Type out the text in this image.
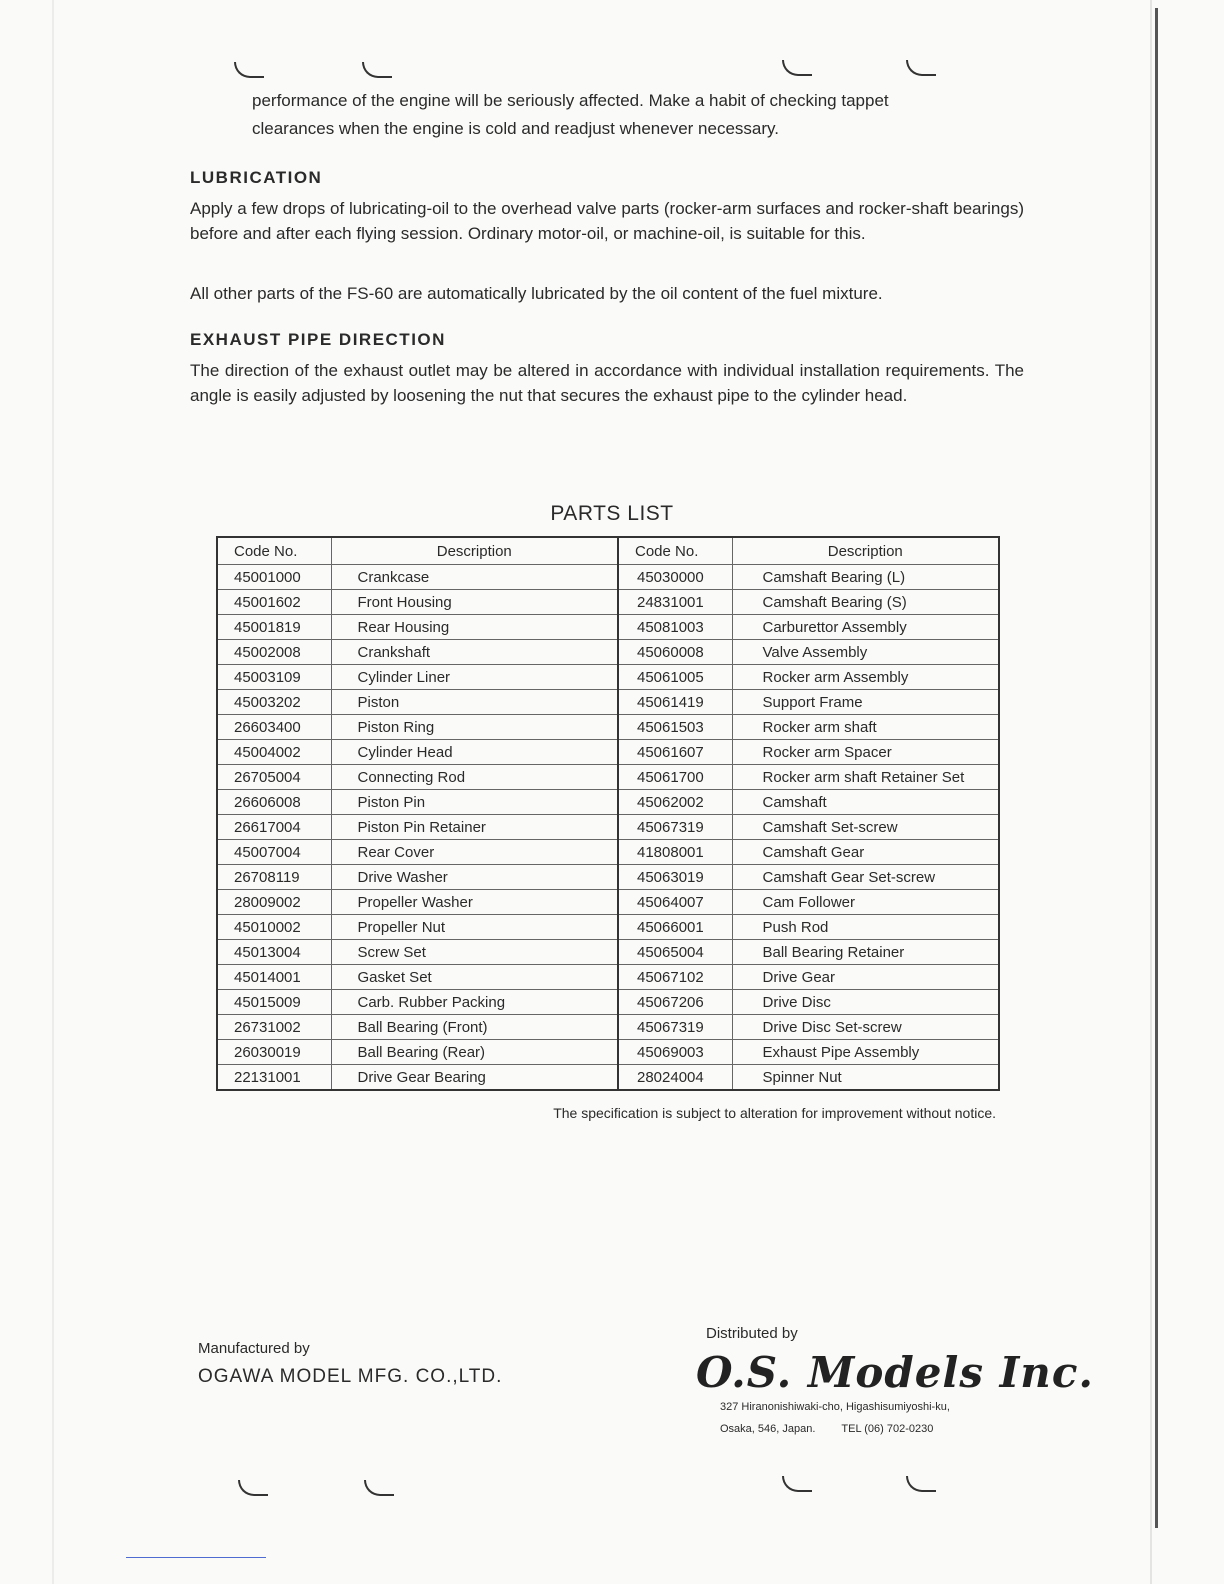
performance of the engine will be seriously affected. Make a habit of checking tappet

clearances when the engine is cold and readjust whenever necessary.

LUBRICATION

Apply a few drops of lubricating-oil to the overhead valve parts (rocker-arm surfaces and rocker-shaft bearings) before and after each flying session. Ordinary motor-oil, or machine-oil, is suitable for this.

All other parts of the FS-60 are automatically lubricated by the oil content of the fuel mixture.

EXHAUST PIPE DIRECTION

The direction of the exhaust outlet may be altered in accordance with individual installation requirements. The angle is easily adjusted by loosening the nut that secures the exhaust pipe to the cylinder head.

PARTS LIST
Code No.	Description	Code No.	Description
45001000	Crankcase	45030000	Camshaft Bearing (L)
45001602	Front Housing	24831001	Camshaft Bearing (S)
45001819	Rear Housing	45081003	Carburettor Assembly
45002008	Crankshaft	45060008	Valve Assembly
45003109	Cylinder Liner	45061005	Rocker arm Assembly
45003202	Piston	45061419	Support Frame
26603400	Piston Ring	45061503	Rocker arm shaft
45004002	Cylinder Head	45061607	Rocker arm Spacer
26705004	Connecting Rod	45061700	Rocker arm shaft Retainer Set
26606008	Piston Pin	45062002	Camshaft
26617004	Piston Pin Retainer	45067319	Camshaft Set-screw
45007004	Rear Cover	41808001	Camshaft Gear
26708119	Drive Washer	45063019	Camshaft Gear Set-screw
28009002	Propeller Washer	45064007	Cam Follower
45010002	Propeller Nut	45066001	Push Rod
45013004	Screw Set	45065004	Ball Bearing Retainer
45014001	Gasket Set	45067102	Drive Gear
45015009	Carb. Rubber Packing	45067206	Drive Disc
26731002	Ball Bearing (Front)	45067319	Drive Disc Set-screw
26030019	Ball Bearing (Rear)	45069003	Exhaust Pipe Assembly
22131001	Drive Gear Bearing	28024004	Spinner Nut
The specification is subject to alteration for improvement without notice.
Manufactured by
OGAWA MODEL MFG. CO.,LTD.
Distributed by
O.S. Models Inc.
327 Hiranonishiwaki-cho, Higashisumiyoshi-ku,
Osaka, 546, Japan. TEL (06) 702-0230
